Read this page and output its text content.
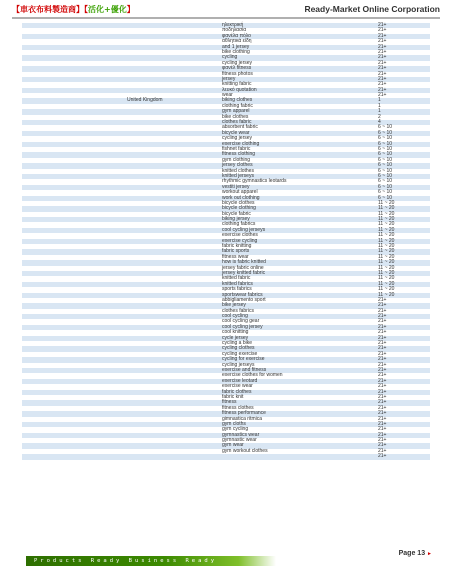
【車衣布料製造商】【活化+優化】	Ready-Market Online Corporation
ηλεκτρική	21+
ποδηλασία	21+
φανέλα πόλο	21+
αθλητικά είδη	21+
and 1 jersey	21+
bike clothing	21+
cycling	21+
cycling jersey	21+
φανέλ fitness	21+
fitness photos	21+
jersey	21+
knitting fabric	21+
λευκό quotation	21+
wear	21+
United Kingdom	biking clothes	1
clothing fabric	1
gym apparel	1
bike clothes	2
clothes fabric	4
absorbent fabric	6 ~ 10
bicycle wear	6 ~ 10
cycling jersey	6 ~ 10
exercise clothing	6 ~ 10
fishnet fabric	6 ~ 10
fitness clothing	6 ~ 10
gym clothing	6 ~ 10
jersey clothes	6 ~ 10
knitted clothes	6 ~ 10
knitted jerseys	6 ~ 10
rhythmic gymnastics leotards	6 ~ 10
vestiti jersey	6 ~ 10
workout apparel	6 ~ 10
work out clothing	6 ~ 10
bicycle clothes	11 ~ 20
bicycle clothing	11 ~ 20
bicycle fabric	11 ~ 20
biking jersey	11 ~ 20
clothing fabrics	11 ~ 20
cool cycling jerseys	11 ~ 20
exercise clothes	11 ~ 20
exercise cycling	11 ~ 20
fabric knitting	11 ~ 20
fabric sports	11 ~ 20
fitness wear	11 ~ 20
how is fabric knitted	11 ~ 20
jersey fabric online	11 ~ 20
jersey knitted fabric	11 ~ 20
knitted fabric	11 ~ 20
knitted fabrics	11 ~ 20
sports fabrics	11 ~ 20
sportswear fabrics	11 ~ 20
abbigliamento sport	21+
bike jersey	21+
clothes fabrics	21+
cool cycling	21+
cool cycling gear	21+
cool cycling jersey	21+
cool knitting	21+
cycle jersey	21+
cycling a bike	21+
cycling clothes	21+
cycling exercise	21+
cycling for exercise	21+
cycling jerseys	21+
exercise and fitness	21+
exercise clothes for women	21+
exercise leotard	21+
exercise wear	21+
fabric clothes	21+
fabric knit	21+
fitness	21+
fitness clothes	21+
fitness performance	21+
gimnastica ritmica	21+
gym cloths	21+
gym cycling	21+
gymnastics wear	21+
gymnastic wear	21+
gym wear	21+
gym workout clothes	21+
21+
Products Ready Business Ready
Page 13 ►
